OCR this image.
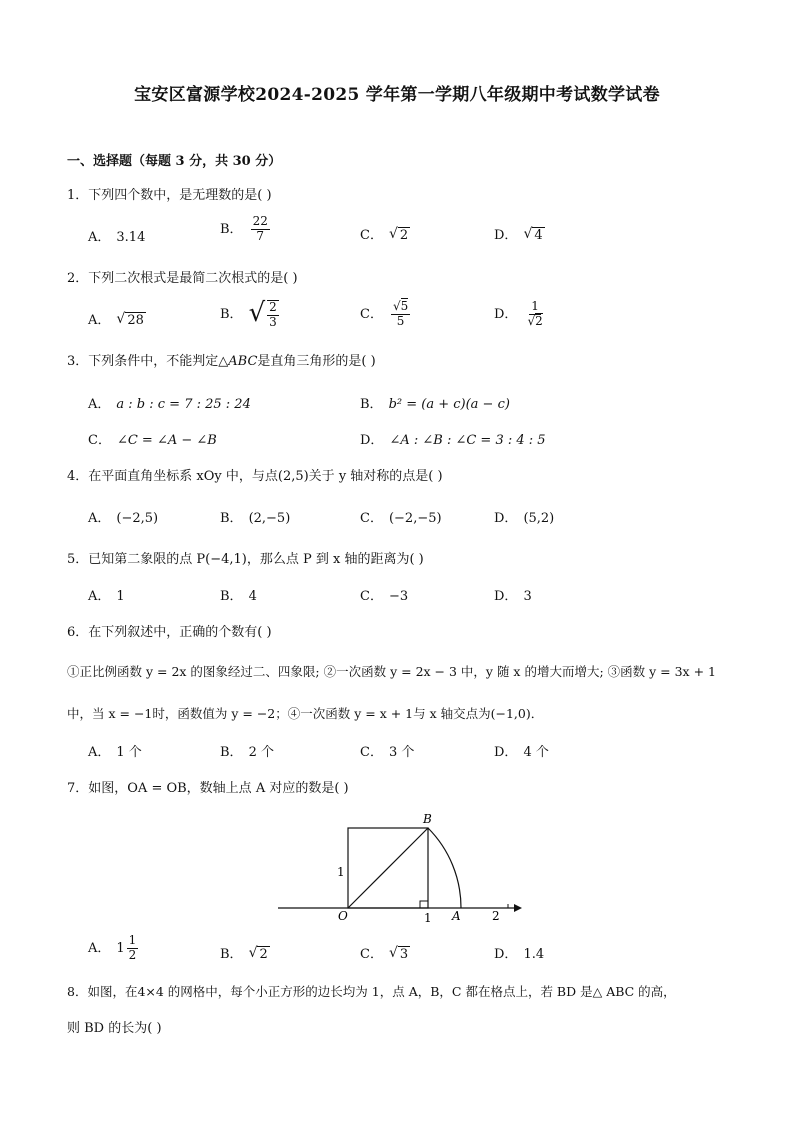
宝安区富源学校2024-2025 学年第一学期八年级期中考试数学试卷
一、选择题（每题 3 分，共 30 分）
1．下列四个数中，是无理数的是( )
A． 3.14
B． $\frac{22}{7}$	C． √ 2	D． √ 4
2．下列二次根式是最简二次根式的是( )
A． √ 28	B． √ $\frac{2}{3}$	C． $\frac{√5}{5}$	D． $\frac{1}{√2}$
3．下列条件中，不能判定△ABC是直角三角形的是( )
A． a : b : c = 7 : 25 : 24	B． b² = (a + c)(a − c)
C． ∠C = ∠A − ∠B	D． ∠A : ∠B : ∠C = 3 : 4 : 5
4．在平面直角坐标系 xOy 中，与点(2,5)关于 y 轴对称的点是( )
A． (−2,5)	B． (2,−5)	C． (−2,−5)	D． (5,2)
5．已知第二象限的点 P(−4,1)，那么点 P 到 x 轴的距离为( )
A． 1	B． 4	C． −3	D． 3
6．在下列叙述中，正确的个数有( )
①正比例函数 y = 2x 的图象经过二、四象限; ②一次函数 y = 2x − 3 中，y 随 x 的增大而增大; ③函数 y = 3x + 1
中，当 x = −1时，函数值为 y = −2；④一次函数 y = x + 1与 x 轴交点为(−1,0)．
A． 1 个	B． 2 个	C． 3 个	D． 4 个
7．如图，OA = OB，数轴上点 A 对应的数是( )
B
O	A
1
1	2
A． $1 \frac{1}{2}$	B． √ 2	C． √ 3	D． 1.4
8．如图，在4×4 的网格中，每个小正方形的边长均为 1，点 A，B，C 都在格点上，若 BD 是△ ABC 的高，
则 BD 的长为( )
